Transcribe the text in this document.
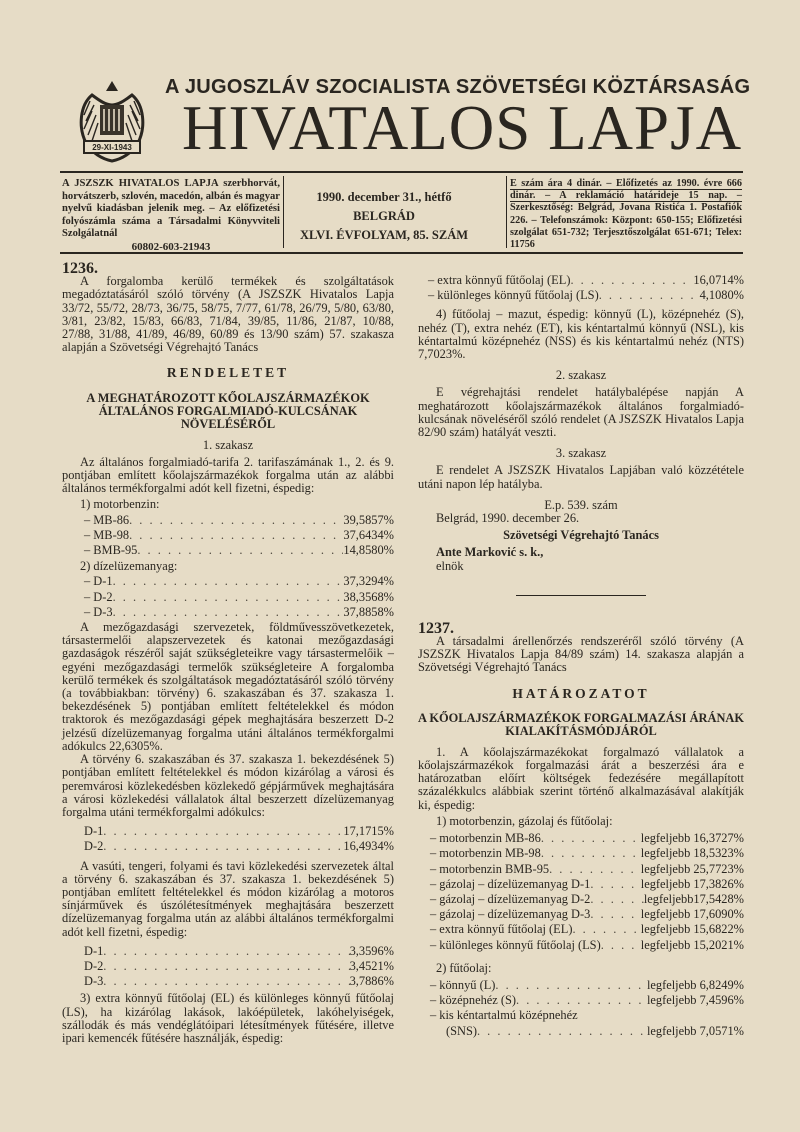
29-XI-1943
A JUGOSZLÁV SZOCIALISTA SZÖVETSÉGI KÖZTÁRSASÁG
HIVATALOS LAPJA
A JSZSZK HIVATALOS LAPJA szerbhorvát, horvátszerb, szlovén, macedón, albán és magyar nyelvű kiadásban jelenik meg. – Az előfizetési folyószámla száma a Társadalmi Könyvviteli Szolgálatnál
60802-603-21943
1990. december 31., hétfő
BELGRÁD
XLVI. ÉVFOLYAM, 85. SZÁM
E szám ára 4 dinár. – Előfizetés az 1990. évre 666 dinár. – A reklamáció határideje 15 nap. – Szerkesztőség: Belgrád, Jovana Ristića 1. Postafiók 226. – Telefonszámok: Központ: 650-155; Előfizetési szolgálat 651-732; Terjesztőszolgálat 651-671; Telex: 11756

1236.

A forgalomba kerülő termékek és szolgáltatások megadóztatásáról szóló törvény (A JSZSZK Hivatalos Lapja 33/72, 55/72, 28/73, 36/75, 58/75, 7/77, 61/78, 26/79, 5/80, 63/80, 3/81, 23/82, 15/83, 66/83, 71/84, 39/85, 11/86, 21/87, 10/88, 27/88, 31/88, 41/89, 46/89, 60/89 és 13/90 szám) 57. szakasza alapján a Szövetségi Végrehajtó Tanács

RENDELETET

A MEGHATÁROZOTT KŐOLAJSZÁRMAZÉKOK ÁLTALÁNOS FORGALMIADÓ-KULCSÁNAK NÖVELÉSÉRŐL

1. szakasz

Az általános forgalmiadó-tarifa 2. tarifaszámának 1., 2. és 9. pontjában említett kőolajszármazékok forgalma után az alábbi általános termékforgalmi adót kell fizetni, éspedig:

1) motorbenzin:
– MB-86 . . .	39,5857%
– MB-98 . . .	37,6434%
– BMB-95 . . .	14,8580%
2) dízelüzemanyag:
– D-1 . . .	37,3294%
– D-2 . . .	38,3568%
– D-3 . . .	37,8858%

A mezőgazdasági szervezetek, földművesszövetkezetek, társastermelői alapszervezetek és katonai mezőgazdasági gazdaságok részéről saját szükségleteikre vagy társastermelőik – egyéni mezőgazdasági termelők szükségleteire A forgalomba kerülő termékek és szolgáltatások megadóztatásáról szóló törvény (a továbbiakban: törvény) 6. szakaszában és 37. szakasza 1. bekezdésének 5) pontjában említett feltételekkel és módon traktorok és mezőgazdasági gépek meghajtására beszerzett D-2 jelzésű dízelüzemanyag forgalma utáni általános termékforgalmi adókulcs 22,6305%.

A törvény 6. szakaszában és 37. szakasza 1. bekezdésének 5) pontjában említett feltételekkel és módon kizárólag a városi és peremvárosi közlekedésben közlekedő gépjárművek meghajtására a városi közlekedési vállalatok által beszerzett dízelüzemanyag forgalma utáni termékforgalmi adókulcs:

D-1 . . .	17,1715%
D-2 . . .	16,4934%

A vasúti, tengeri, folyami és tavi közlekedési szervezetek által a törvény 6. szakaszában és 37. szakasza 1. bekezdésének 5) pontjában említett feltételekkel és módon kizárólag a motoros sínjárművek és úszólétesítmények meghajtására beszerzett dízelüzemanyag forgalma után az alábbi általános termékforgalmi adót kell fizetni, éspedig:

D-1 . . .	3,3596%
D-2 . . .	3,4521%
D-3 . . .	3,7886%

3) extra könnyű fűtőolaj (EL) és különleges könnyű fűtőolaj (LS), ha kizárólag lakások, lakóépületek, lakóhelyiségek, szállodák és más vendéglátóipari létesítmények fűtésére, illetve ipari kemencék fűtésére használják, éspedig:

– extra könnyű fűtőolaj (EL) . . .	16,0714%
– különleges könnyű fűtőolaj (LS) . . .	4,1080%

4) fűtőolaj – mazut, éspedig: könnyű (L), középnehéz (S), nehéz (T), extra nehéz (ET), kis kéntartalmú könnyű (NSL), kis kéntartalmú középnehéz (NSS) és kis kéntartalmú nehéz (NTS) 7,7023%.

2. szakasz

E végrehajtási rendelet hatálybalépése napján A meghatározott kőolajszármazékok általános forgalmiadó-kulcsának növeléséről szóló rendelet (A JSZSZK Hivatalos Lapja 82/90 szám) hatályát veszti.

3. szakasz

E rendelet A JSZSZK Hivatalos Lapjában való közzététele utáni napon lép hatályba.

E.p. 539. szám

Belgrád, 1990. december 26.

Szövetségi Végrehajtó Tanács

Ante Marković s. k.,

elnök

1237.

A társadalmi árellenőrzés rendszeréről szóló törvény (A JSZSZK Hivatalos Lapja 84/89 szám) 14. szakasza alapján a Szövetségi Végrehajtó Tanács

HATÁROZATOT

A KŐOLAJSZÁRMAZÉKOK FORGALMAZÁSI ÁRÁNAK KIALAKÍTÁSMÓDJÁRÓL

1. A kőolajszármazékokat forgalmazó vállalatok a kőolajszármazékok forgalmazási árát a beszerzési ára e határozatban előírt költségek fedezésére megállapított százalékkulcs alábbiak szerint történő alkalmazásával alakítják ki, éspedig:

1) motorbenzin, gázolaj és fűtőolaj:
– motorbenzin MB-86 . . .	legfeljebb 16,3727%
– motorbenzin MB-98 . . .	legfeljebb 18,5323%
– motorbenzin BMB-95 . . .	legfeljebb 25,7723%
– gázolaj – dízelüzemanyag D-1 . . .	legfeljebb 17,3826%
– gázolaj – dízelüzemanyag D-2 . . .	legfeljebb17,5428%
– gázolaj – dízelüzemanyag D-3 . . .	legfeljebb 17,6090%
– extra könnyű fűtőolaj (EL) . . .	legfeljebb 15,6822%
– különleges könnyű fűtőolaj (LS) . . .	legfeljebb 15,2021%
2) fűtőolaj:
– könnyű (L) . . .	legfeljebb 6,8249%
– középnehéz (S) . . .	legfeljebb 7,4596%
– kis kéntartalmú középnehéz
(SNS) . . .	legfeljebb 7,0571%
